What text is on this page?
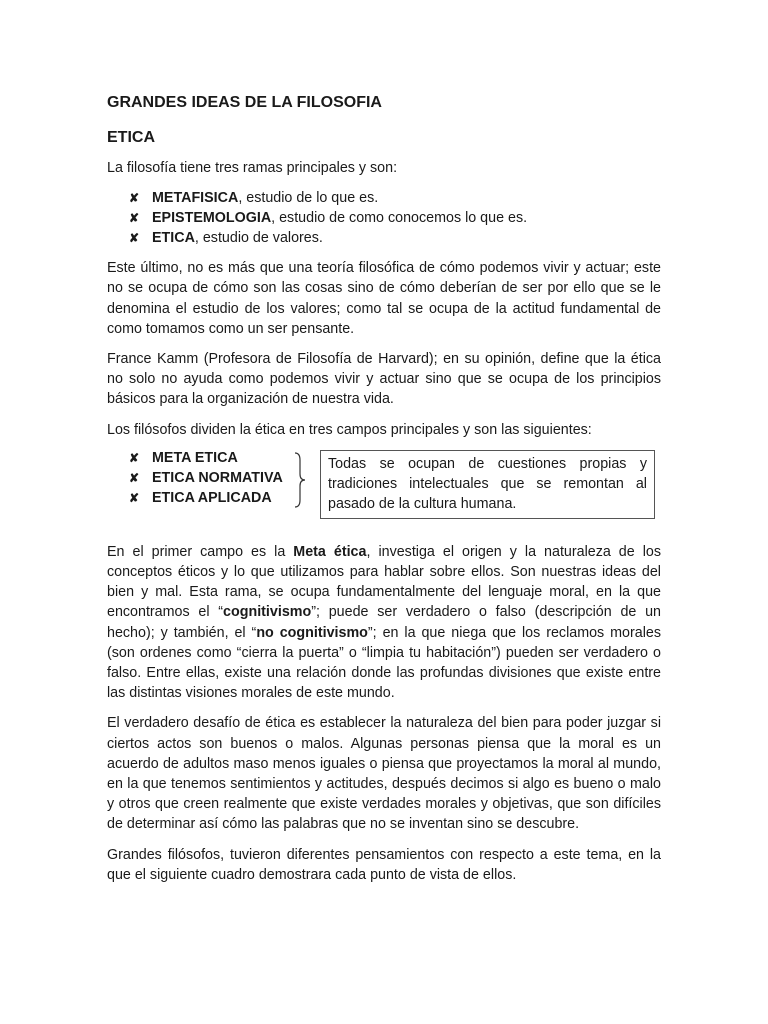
GRANDES IDEAS DE LA FILOSOFIA
ETICA

La filosofía tiene tres ramas principales y son:

✘ METAFISICA, estudio de lo que es.
✘ EPISTEMOLOGIA, estudio de como conocemos lo que es.
✘ ETICA, estudio de valores.

Este último, no es más que una teoría filosófica de cómo podemos vivir y actuar; este no se ocupa de cómo son las cosas sino de cómo deberían de ser por ello que se le denomina el estudio de los valores; como tal se ocupa de la actitud fundamental de como tomamos como un ser pensante.

France Kamm (Profesora de Filosofía de Harvard); en su opinión, define que la ética no solo no ayuda como podemos vivir y actuar sino que se ocupa de los principios básicos para la organización de nuestra vida.

Los filósofos dividen la ética en tres campos principales y son las siguientes:

✘ META ETICA
✘ ETICA NORMATIVA
✘ ETICA APLICADA
Todas se ocupan de cuestiones propias y tradiciones intelectuales que se remontan al pasado de la cultura humana.

En el primer campo es la Meta ética, investiga el origen y la naturaleza de los conceptos éticos y lo que utilizamos para hablar sobre ellos. Son nuestras ideas del bien y mal. Esta rama, se ocupa fundamentalmente del lenguaje moral, en la que encontramos el “cognitivismo”; puede ser verdadero o falso (descripción de un hecho); y también, el “no cognitivismo”; en la que niega que los reclamos morales (son ordenes como “cierra la puerta” o “limpia tu habitación”) pueden ser verdadero o falso. Entre ellas, existe una relación donde las profundas divisiones que existe entre las distintas visiones morales de este mundo.

El verdadero desafío de ética es establecer la naturaleza del bien para poder juzgar si ciertos actos son buenos o malos. Algunas personas piensa que la moral es un acuerdo de adultos maso menos iguales o piensa que proyectamos la moral al mundo, en la que tenemos sentimientos y actitudes, después decimos si algo es bueno o malo y otros que creen realmente que existe verdades morales y objetivas, que son difíciles de determinar así cómo las palabras que no se inventan sino se descubre.

Grandes filósofos, tuvieron diferentes pensamientos con respecto a este tema, en la que el siguiente cuadro demostrara cada punto de vista de ellos.
